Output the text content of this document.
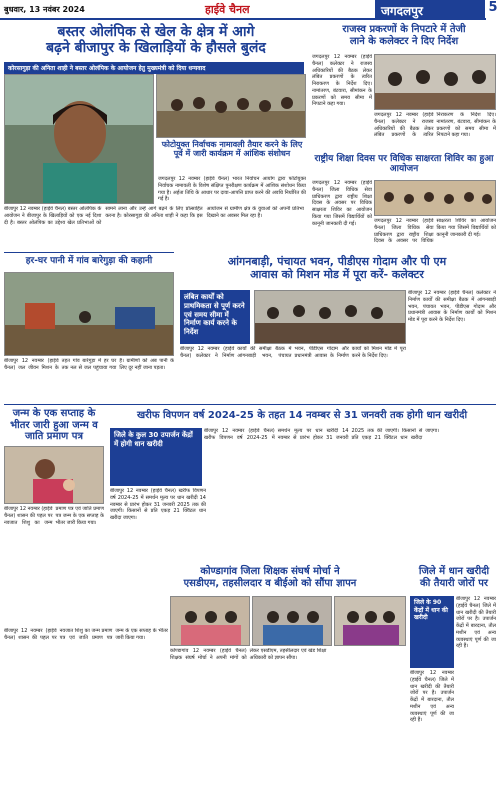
बुधवार, 13 नवंबर 2024	हाईवे चैनल	जगदलपुर	5
बस्तर ओलंपिक से खेल के क्षेत्र में आगे
बढ़ने बीजापुर के खिलाड़ियों के हौसले बुलंद
कोरसागुड़ा की अनिता शाही ने बस्तर ओलंपिक के आयोजन हेतु मुख्यमंत्री को दिया धन्यवाद
फोटोयुक्त निर्वाचक नामावली तैयार करने के लिए पूर्व में जारी कार्यक्रम में आंशिक संशोधन
जगदलपुर 12 नवम्बर (हाईवे चैनल) भारत निर्वाचन आयोग द्वारा फोटोयुक्त निर्वाचक नामावली के विशेष संक्षिप्त पुनरीक्षण कार्यक्रम में आंशिक संशोधन किया गया है। अर्हता तिथि के आधार पर दावा-आपत्ति प्राप्त करने की अवधि निर्धारित की गई है।
बीजापुर 12 नवम्बर (हाईवे चैनल) बस्तर ओलंपिक के आयोजन ने बीजापुर के खिलाड़ियों को एक नई दिशा दी है। बस्तर ओलंपिक का उद्देश्य खेल प्रतिभाओं को सामने लाना और उन्हें आगे बढ़ने के लिए प्रोत्साहित करना है। कोरसागुड़ा की अनिता शाही ने कहा कि इस आयोजन से ग्रामीण क्षेत्र के युवाओं को अपनी प्रतिभा दिखाने का अवसर मिल रहा है।
राजस्व प्रकरणों के निपटारे में तेजी
लाने के कलेक्टर ने दिए निर्देश
जगदलपुर 12 नवम्बर (हाईवे चैनल) कलेक्टर ने राजस्व अधिकारियों की बैठक लेकर लंबित प्रकरणों के त्वरित निराकरण के निर्देश दिए। नामांतरण, बंटवारा, सीमांकन के प्रकरणों को समय सीमा में निपटाने कहा गया।
जगदलपुर 12 नवम्बर (हाईवे चैनल) कलेक्टर ने राजस्व अधिकारियों की बैठक लेकर लंबित प्रकरणों के त्वरित निराकरण के निर्देश दिए। नामांतरण, बंटवारा, सीमांकन के प्रकरणों को समय सीमा में निपटाने कहा गया।
राष्ट्रीय शिक्षा दिवस पर विधिक साक्षरता शिविर का हुआ आयोजन
जगदलपुर 12 नवम्बर (हाईवे चैनल) जिला विधिक सेवा प्राधिकरण द्वारा राष्ट्रीय शिक्षा दिवस के अवसर पर विधिक साक्षरता शिविर का आयोजन किया गया जिसमें विद्यार्थियों को कानूनी जानकारी दी गई।	जगदलपुर 12 नवम्बर (हाईवे चैनल) जिला विधिक सेवा प्राधिकरण द्वारा राष्ट्रीय शिक्षा दिवस के अवसर पर विधिक साक्षरता शिविर का आयोजन किया गया जिसमें विद्यार्थियों को कानूनी जानकारी दी गई।
हर-घर पानी में गांव बारेगुड़ा की कहानी
बीजापुर 12 नवम्बर (हाईवे चैनल) जल जीवन मिशन के तहत गांव बारेगुड़ा में हर घर तक नल से जल पहुंचाया गया है। ग्रामीणों को अब पानी के लिए दूर नहीं जाना पड़ता।
आंगनबाड़ी, पंचायत भवन, पीडीएस गोदाम और पी एम
आवास को मिशन मोड में पूरा करें- कलेक्टर
लंबित कार्यों को प्राथमिकता से पूर्ण करने एवं समय सीमा में निर्माण कार्य करने के निर्देश
बीजापुर 12 नवम्बर (हाईवे चैनल) कलेक्टर ने निर्माण कार्यों की समीक्षा बैठक में आंगनबाड़ी भवन, पंचायत भवन, पीडीएस गोदाम और प्रधानमंत्री आवास के निर्माण कार्यों को मिशन मोड में पूरा करने के निर्देश दिए।
बीजापुर 12 नवम्बर (हाईवे चैनल) कलेक्टर ने निर्माण कार्यों की समीक्षा बैठक में आंगनबाड़ी भवन, पंचायत भवन, पीडीएस गोदाम और प्रधानमंत्री आवास के निर्माण कार्यों को मिशन मोड में पूरा करने के निर्देश दिए।
जन्म के एक सप्ताह के
भीतर जारी हुआ जन्म व
जाति प्रमाण पत्र
बीजापुर 12 नवम्बर (हाईवे चैनल) शासन की पहल पर नवजात शिशु का जन्म प्रमाण पत्र एवं जाति प्रमाण पत्र जन्म के एक सप्ताह के भीतर जारी किया गया।
खरीफ विपणन वर्ष 2024-25 के तहत 14 नवम्बर से 31 जनवरी तक होगी धान खरीदी
जिले के कुल 30 उपार्जन केंद्रों में होगी धान खरीदी
बीजापुर 12 नवम्बर (हाईवे चैनल) खरीफ विपणन वर्ष 2024-25 में समर्थन मूल्य पर धान खरीदी 14 नवम्बर से प्रारंभ होकर 31 जनवरी 2025 तक की जाएगी। किसानों से प्रति एकड़ 21 क्विंटल धान खरीदा जाएगा।
बीजापुर 12 नवम्बर (हाईवे चैनल) खरीफ विपणन वर्ष 2024-25 में समर्थन मूल्य पर धान खरीदी 14 नवम्बर से प्रारंभ होकर 31 जनवरी 2025 तक की जाएगी। किसानों से प्रति एकड़ 21 क्विंटल धान खरीदा जाएगा।
कोण्डागांव जिला शिक्षक संघर्ष मोर्चा ने
एसडीएम, तहसीलदार व बीईओ को सौंपा ज्ञापन
कोण्डागांव 12 नवम्बर (हाईवे चैनल) शिक्षक संघर्ष मोर्चा ने अपनी मांगों को लेकर एसडीएम, तहसीलदार एवं खंड शिक्षा अधिकारी को ज्ञापन सौंपा।
जिले में धान खरीदी
की तैयारी जोरों पर
जिले के 90 केंद्रों में धान की खरीदी
बीजापुर 12 नवम्बर (हाईवे चैनल) जिले में धान खरीदी की तैयारी जोरों पर है। उपार्जन केंद्रों में बारदाना, तौल मशीन एवं अन्य व्यवस्थाएं पूर्ण की जा रही हैं।
बीजापुर 12 नवम्बर (हाईवे चैनल) जिले में धान खरीदी की तैयारी जोरों पर है। उपार्जन केंद्रों में बारदाना, तौल मशीन एवं अन्य व्यवस्थाएं पूर्ण की जा रही हैं।
बीजापुर 12 नवम्बर (हाईवे चैनल) शासन की पहल पर नवजात शिशु का जन्म प्रमाण पत्र एवं जाति प्रमाण पत्र जन्म के एक सप्ताह के भीतर जारी किया गया।
